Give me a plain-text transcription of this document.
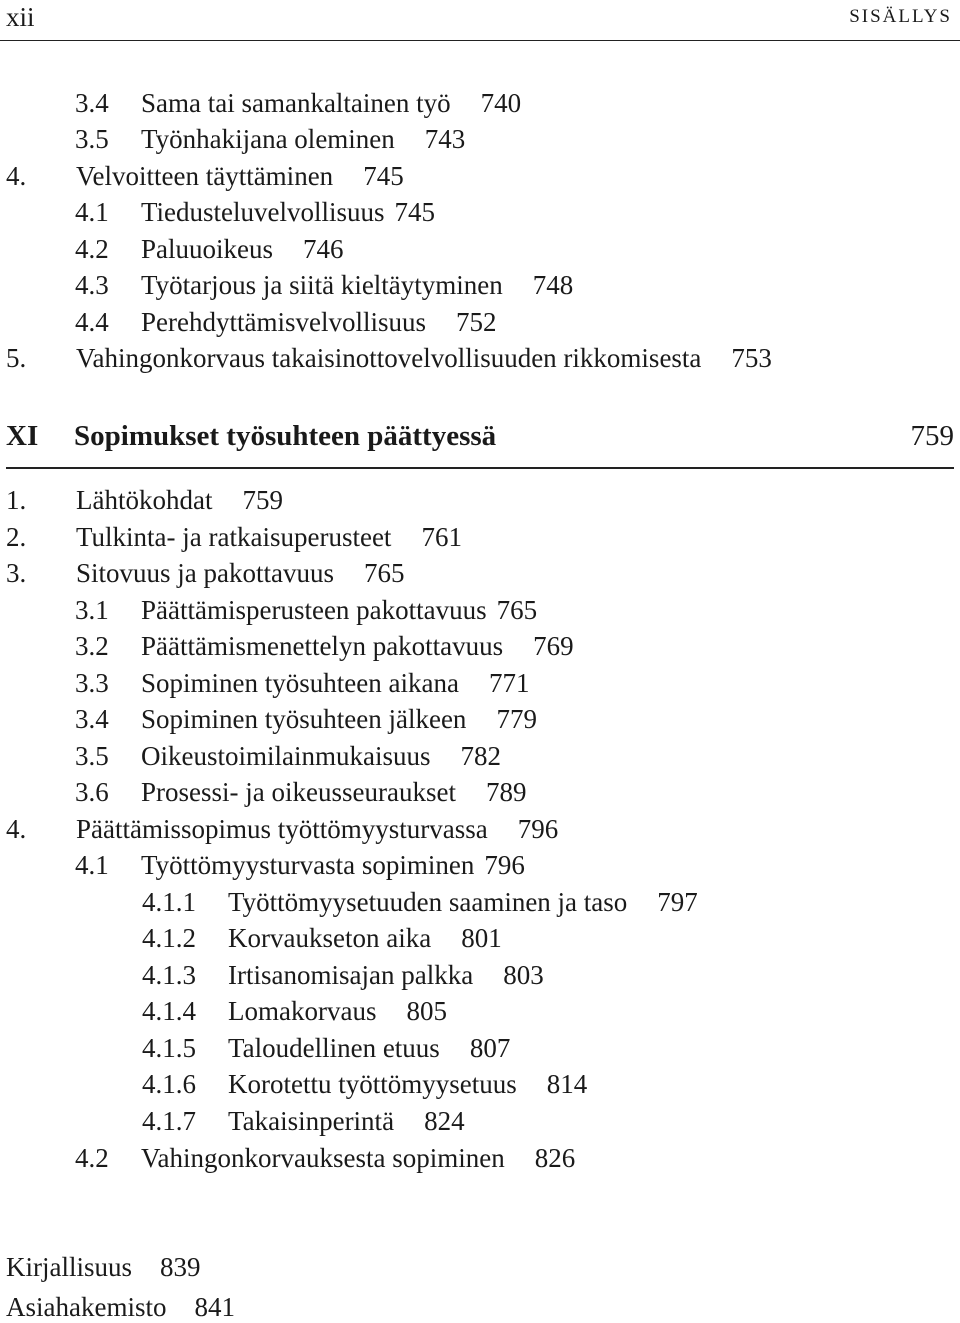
xii	SISÄLLYS
3.4 Sama tai samankaltainen työ 740
3.5 Työnhakijana oleminen 743
4. Velvoitteen täyttäminen 745
4.1 Tiedusteluvelvollisuus 745
4.2 Paluuoikeus 746
4.3 Työtarjous ja siitä kieltäytyminen 748
4.4 Perehdyttämisvelvollisuus 752
5. Vahingonkorvaus takaisinottovelvollisuuden rikkomisesta 753
XI Sopimukset työsuhteen päättyessä	759
1. Lähtökohdat 759
2. Tulkinta- ja ratkaisuperusteet 761
3. Sitovuus ja pakottavuus 765
3.1 Päättämisperusteen pakottavuus 765
3.2 Päättämismenettelyn pakottavuus 769
3.3 Sopiminen työsuhteen aikana 771
3.4 Sopiminen työsuhteen jälkeen 779
3.5 Oikeustoimilainmukaisuus 782
3.6 Prosessi- ja oikeusseuraukset 789
4. Päättämissopimus työttömyysturvassa 796
4.1 Työttömyysturvasta sopiminen 796
4.1.1 Työttömyysetuuden saaminen ja taso 797
4.1.2 Korvaukseton aika 801
4.1.3 Irtisanomisajan palkka 803
4.1.4 Lomakorvaus 805
4.1.5 Taloudellinen etuus 807
4.1.6 Korotettu työttömyysetuus 814
4.1.7 Takaisinperintä 824
4.2 Vahingonkorvauksesta sopiminen 826
Kirjallisuus 839
Asiahakemisto 841
